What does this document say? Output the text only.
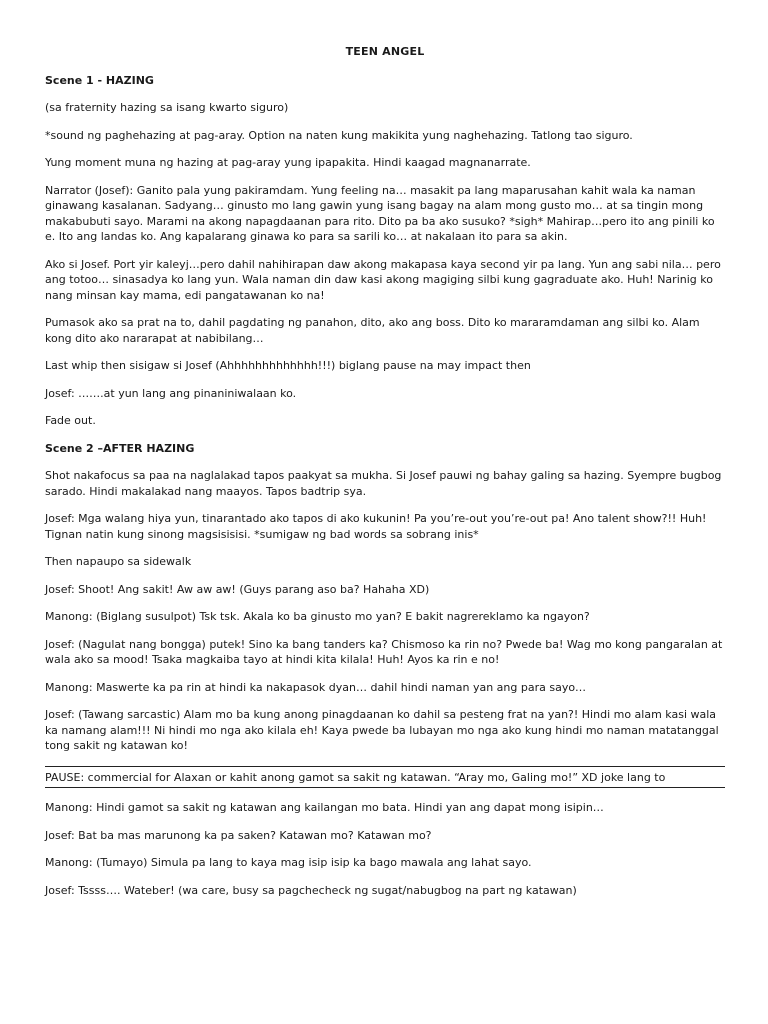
TEEN ANGEL
Scene 1 - HAZING

(sa fraternity hazing sa isang kwarto siguro)

*sound ng paghehazing at pag-aray. Option na naten kung makikita yung naghehazing. Tatlong tao siguro.

Yung moment muna ng hazing at pag-aray yung ipapakita. Hindi kaagad magnanarrate.

Narrator (Josef): Ganito pala yung pakiramdam. Yung feeling na… masakit pa lang maparusahan kahit wala ka naman ginawang kasalanan. Sadyang… ginusto mo lang gawin yung isang bagay na alam mong gusto mo… at sa tingin mong makabubuti sayo. Marami na akong napagdaanan para rito. Dito pa ba ako susuko? *sigh* Mahirap…pero ito ang pinili ko e. Ito ang landas ko. Ang kapalarang ginawa ko para sa sarili ko… at nakalaan ito para sa akin.

Ako si Josef. Port yir kaleyj…pero dahil nahihirapan daw akong makapasa kaya second yir pa lang. Yun ang sabi nila… pero ang totoo… sinasadya ko lang yun. Wala naman din daw kasi akong magiging silbi kung gagraduate ako. Huh! Narinig ko nang minsan kay mama, edi pangatawanan ko na!

Pumasok ako sa prat na to, dahil pagdating ng panahon, dito, ako ang boss. Dito ko mararamdaman ang silbi ko. Alam kong dito ako nararapat at nabibilang…

Last whip then sisigaw si Josef (Ahhhhhhhhhhhhh!!!) biglang pause na may impact then

Josef: …….at yun lang ang pinaniniwalaan ko.

Fade out.

Scene 2 –AFTER HAZING

Shot nakafocus sa paa na naglalakad tapos paakyat sa mukha. Si Josef pauwi ng bahay galing sa hazing. Syempre bugbog sarado. Hindi makalakad nang maayos. Tapos badtrip sya.

Josef: Mga walang hiya yun, tinarantado ako tapos di ako kukunin! Pa you’re-out you’re-out pa! Ano talent show?!! Huh! Tignan natin kung sinong magsisisisi. *sumigaw ng bad words sa sobrang inis*

Then napaupo sa sidewalk

Josef: Shoot! Ang sakit! Aw aw aw! (Guys parang aso ba? Hahaha XD)

Manong: (Biglang susulpot) Tsk tsk. Akala ko ba ginusto mo yan? E bakit nagrereklamo ka ngayon?

Josef: (Nagulat nang bongga) putek! Sino ka bang tanders ka? Chismoso ka rin no? Pwede ba! Wag mo kong pangaralan at wala ako sa mood! Tsaka magkaiba tayo at hindi kita kilala! Huh! Ayos ka rin e no!

Manong: Maswerte ka pa rin at hindi ka nakapasok dyan… dahil hindi naman yan ang para sayo…

Josef: (Tawang sarcastic) Alam mo ba kung anong pinagdaanan ko dahil sa pesteng frat na yan?! Hindi mo alam kasi wala ka namang alam!!! Ni hindi mo nga ako kilala eh! Kaya pwede ba lubayan mo nga ako kung hindi mo naman matatanggal tong sakit ng katawan ko!

PAUSE: commercial for Alaxan or kahit anong gamot sa sakit ng katawan. “Aray mo, Galing mo!” XD joke lang to

Manong: Hindi gamot sa sakit ng katawan ang kailangan mo bata. Hindi yan ang dapat mong isipin…

Josef: Bat ba mas marunong ka pa saken? Katawan mo? Katawan mo?

Manong: (Tumayo) Simula pa lang to kaya mag isip isip ka bago mawala ang lahat sayo.

Josef: Tssss…. Wateber! (wa care, busy sa pagchecheck ng sugat/nabugbog na part ng katawan)
